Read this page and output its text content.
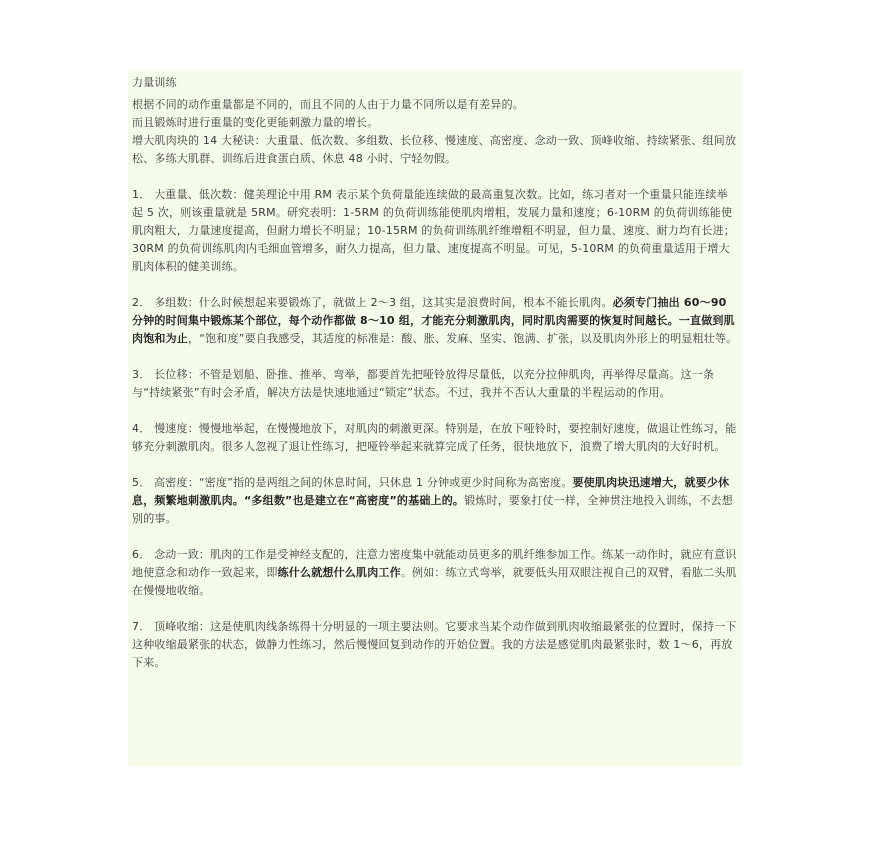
力量训练

根据不同的动作重量都是不同的，而且不同的人由于力量不同所以是有差异的。

而且锻炼时进行重量的变化更能刺激力量的增长。

增大肌肉块的 14 大秘诀：大重量、低次数、多组数、长位移、慢速度、高密度、念动一致、顶峰收缩、持续紧张、组间放松、多练大肌群、训练后进食蛋白质、休息 48 小时、宁轻勿假。

1． 大重量、低次数：健美理论中用 RM 表示某个负荷量能连续做的最高重复次数。比如，练习者对一个重量只能连续举起 5 次，则该重量就是 5RM。研究表明：1-5RM 的负荷训练能使肌肉增粗，发展力量和速度；6-10RM 的负荷训练能使肌肉粗大，力量速度提高，但耐力增长不明显；10-15RM 的负荷训练肌纤维增粗不明显，但力量、速度、耐力均有长进；30RM 的负荷训练肌肉内毛细血管增多，耐久力提高，但力量、速度提高不明显。可见，5-10RM 的负荷重量适用于增大肌肉体积的健美训练。

2． 多组数：什么时候想起来要锻炼了，就做上 2～3 组，这其实是浪费时间，根本不能长肌肉。必须专门抽出 60～90 分钟的时间集中锻炼某个部位，每个动作都做 8～10 组，才能充分刺激肌肉，同时肌肉需要的恢复时间越长。一直做到肌肉饱和为止，“饱和度”要自我感受，其适度的标准是：酸、胀、发麻、坚实、饱满、扩张，以及肌肉外形上的明显粗壮等。

3． 长位移：不管是划船、卧推、推举、弯举，都要首先把哑铃放得尽量低，以充分拉伸肌肉，再举得尽量高。这一条与“持续紧张”有时会矛盾，解决方法是快速地通过“锁定”状态。不过，我并不否认大重量的半程运动的作用。

4． 慢速度：慢慢地举起，在慢慢地放下，对肌肉的刺激更深。特别是，在放下哑铃时，要控制好速度，做退让性练习，能够充分刺激肌肉。很多人忽视了退让性练习，把哑铃举起来就算完成了任务，很快地放下，浪费了增大肌肉的大好时机。

5． 高密度：“密度”指的是两组之间的休息时间，只休息 1 分钟或更少时间称为高密度。要使肌肉块迅速增大，就要少休息，频繁地刺激肌肉。“多组数”也是建立在“高密度”的基础上的。锻炼时，要象打仗一样，全神贯注地投入训练，不去想别的事。

6． 念动一致：肌肉的工作是受神经支配的，注意力密度集中就能动员更多的肌纤维参加工作。练某一动作时，就应有意识地使意念和动作一致起来，即练什么就想什么肌肉工作。例如：练立式弯举，就要低头用双眼注视自己的双臂，看肱二头肌在慢慢地收缩。

7． 顶峰收缩：这是使肌肉线条练得十分明显的一项主要法则。它要求当某个动作做到肌肉收缩最紧张的位置时，保持一下这种收缩最紧张的状态，做静力性练习，然后慢慢回复到动作的开始位置。我的方法是感觉肌肉最紧张时，数 1～6，再放下来。
